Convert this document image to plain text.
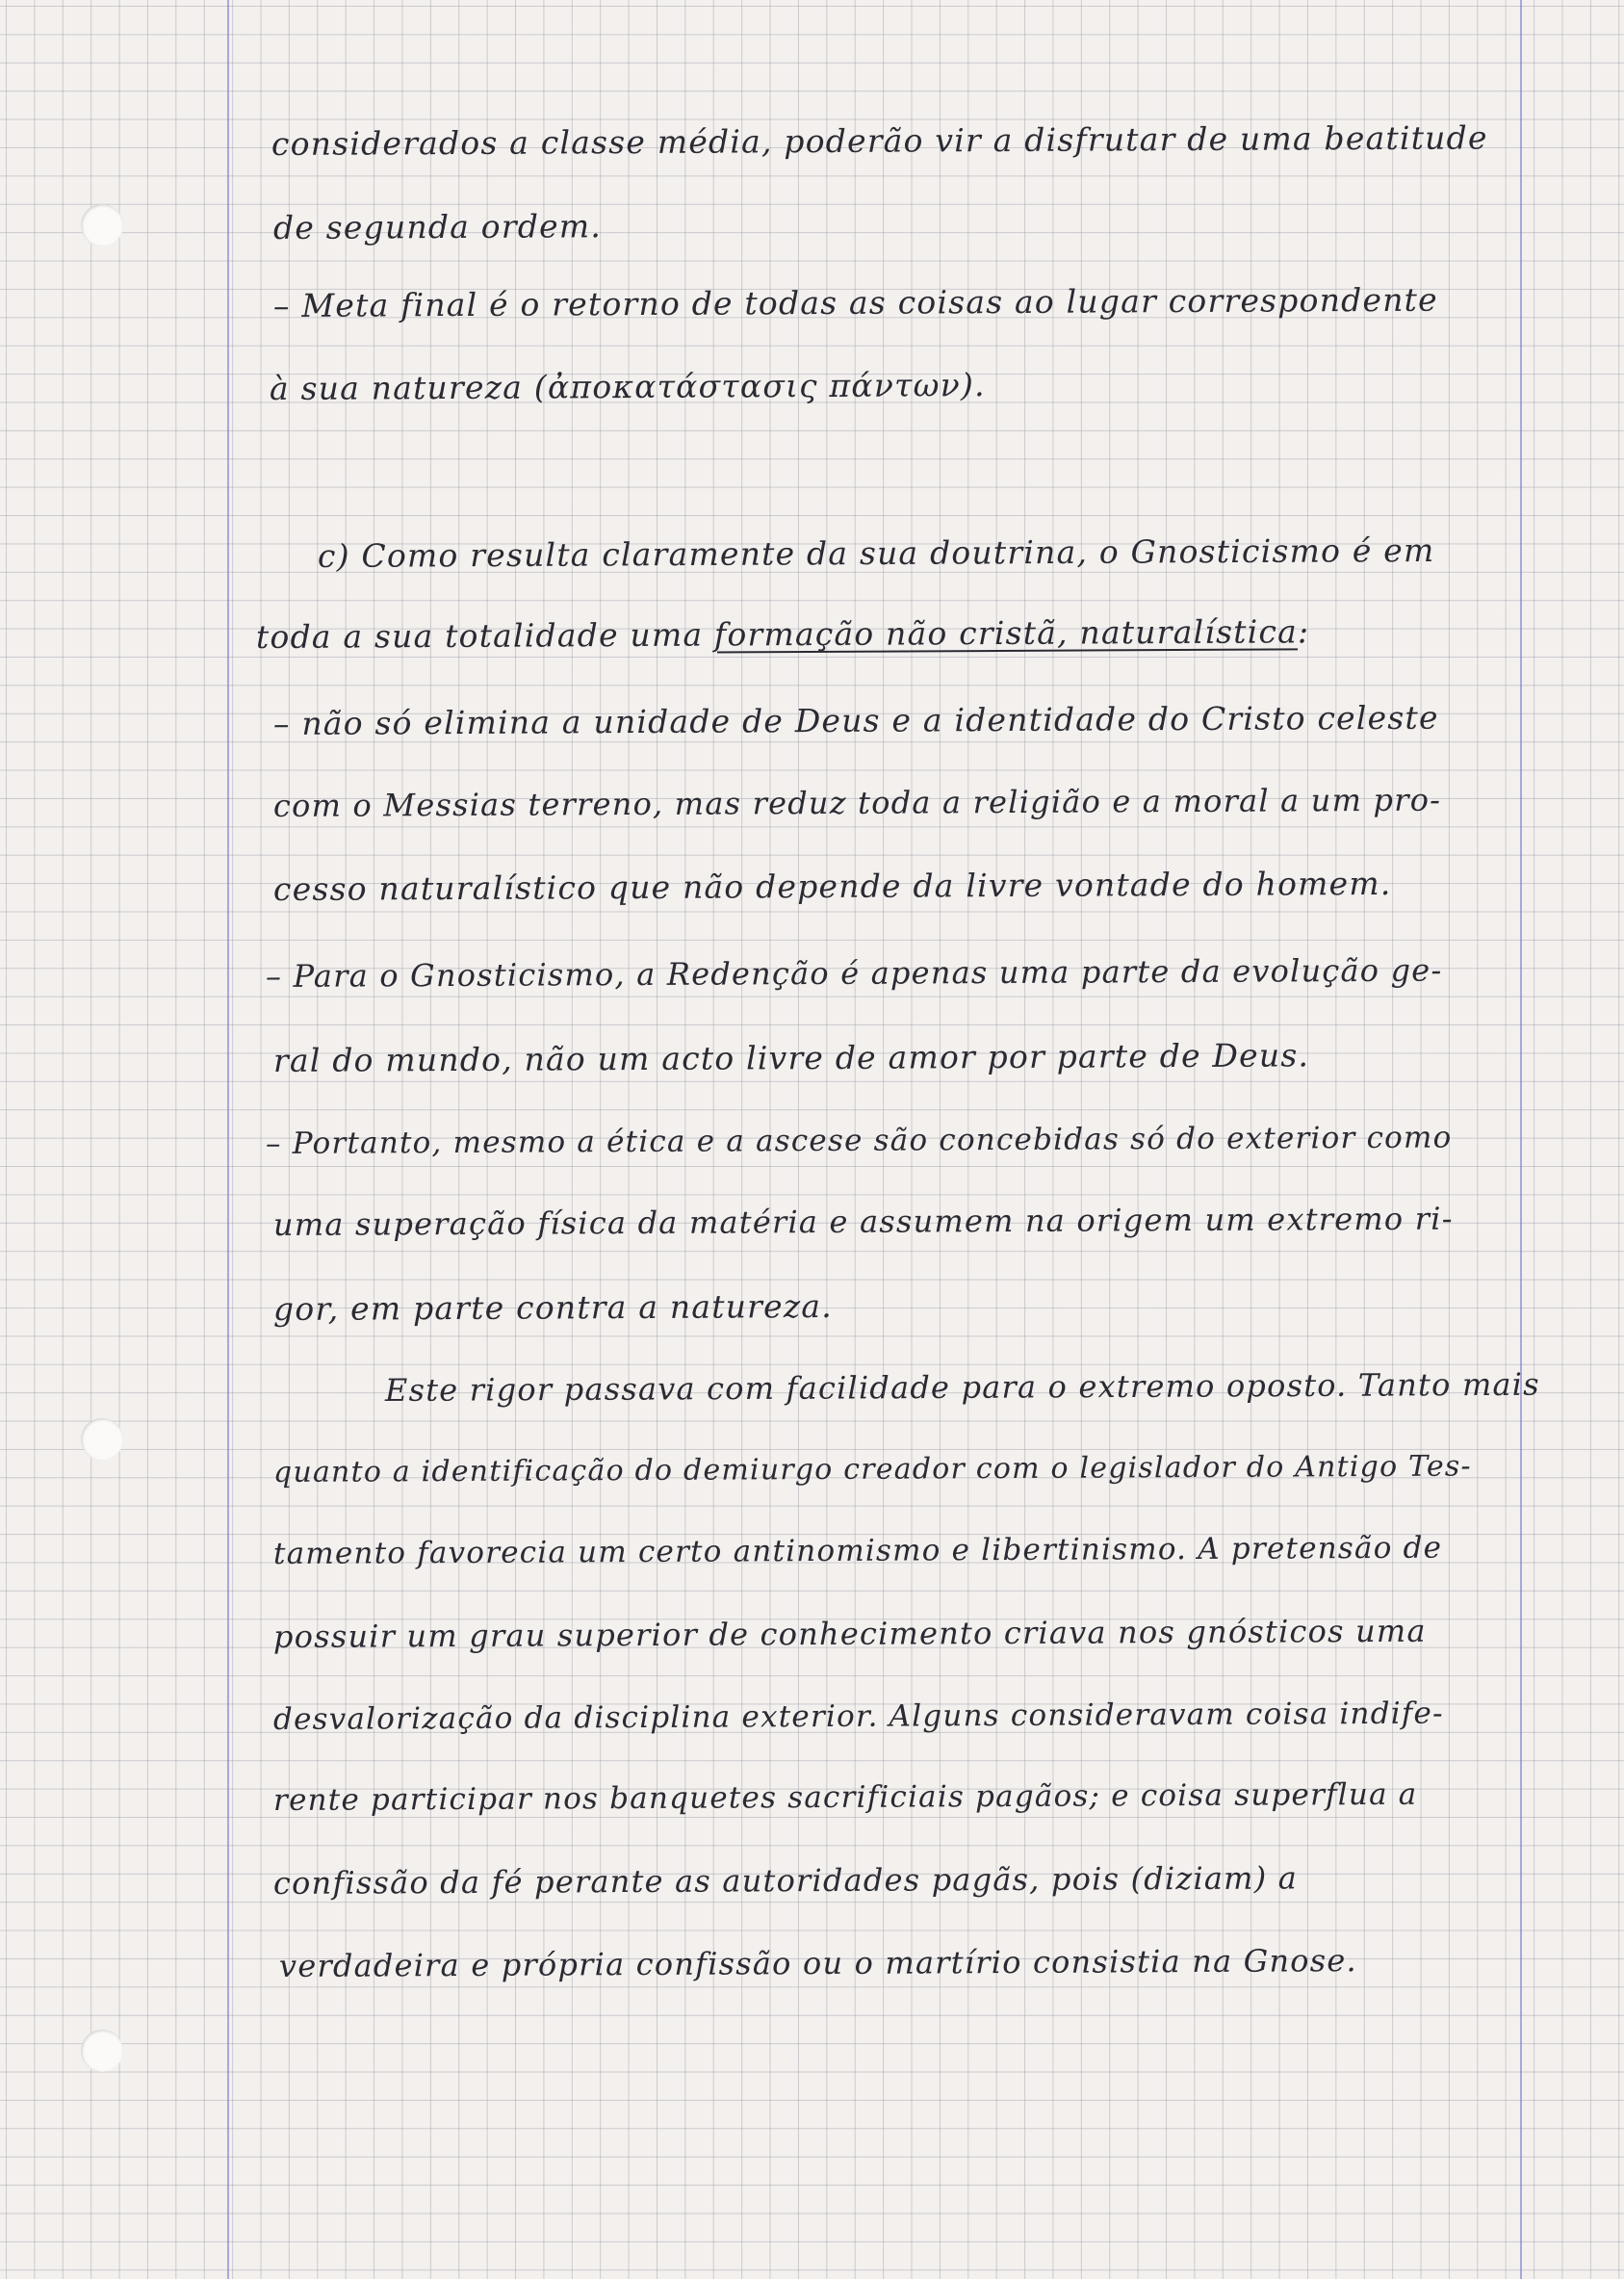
considerados a classe média, poderão vir a disfrutar de uma beatitude
de segunda ordem.
– Meta final é o retorno de todas as coisas ao lugar correspondente
à sua natureza (ἀποκατάστασις πάντων).
c) Como resulta claramente da sua doutrina, o Gnosticismo é em
toda a sua totalidade uma formação não cristã, naturalística:
– não só elimina a unidade de Deus e a identidade do Cristo celeste
com o Messias terreno, mas reduz toda a religião e a moral a um pro-
cesso naturalístico que não depende da livre vontade do homem.
– Para o Gnosticismo, a Redenção é apenas uma parte da evolução ge-
ral do mundo, não um acto livre de amor por parte de Deus.
– Portanto, mesmo a ética e a ascese são concebidas só do exterior como
uma superação física da matéria e assumem na origem um extremo ri-
gor, em parte contra a natureza.
Este rigor passava com facilidade para o extremo oposto. Tanto mais
quanto a identificação do demiurgo creador com o legislador do Antigo Tes-
tamento favorecia um certo antinomismo e libertinismo. A pretensão de
possuir um grau superior de conhecimento criava nos gnósticos uma
desvalorização da disciplina exterior. Alguns consideravam coisa indife-
rente participar nos banquetes sacrificiais pagãos; e coisa superflua a
confissão da fé perante as autoridades pagãs, pois (diziam) a
verdadeira e própria confissão ou o martírio consistia na Gnose.
